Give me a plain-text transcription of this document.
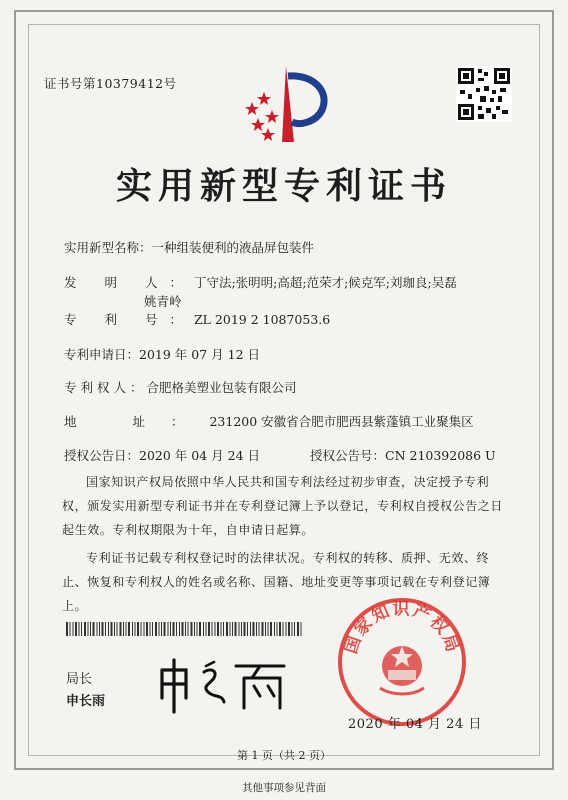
证书号第10379412号
实用新型专利证书
实用新型名称：一种组装便利的液晶屏包装件
发 明 人：丁守法;张明明;高超;范荣才;候克军;刘珈良;吴磊
姚青岭
专 利 号：ZL 2019 2 1087053.6
专利申请日：2019 年 07 月 12 日
专利权人：合肥格美塑业包装有限公司
地 址：231200 安徽省合肥市肥西县紫蓬镇工业聚集区
授权公告日：2020 年 04 月 24 日	授权公告号：CN 210392086 U
国家知识产权局依照中华人民共和国专利法经过初步审查，决定授予专利权，颁发实用新型专利证书并在专利登记簿上予以登记，专利权自授权公告之日起生效。专利权期限为十年，自申请日起算。
专利证书记载专利权登记时的法律状况。专利权的转移、质押、无效、终止、恢复和专利权人的姓名或名称、国籍、地址变更等事项记载在专利登记簿上。
局长
申长雨
国家知识产权局
2020 年 04 月 24 日
第 1 页（共 2 页）
其他事项参见背面
